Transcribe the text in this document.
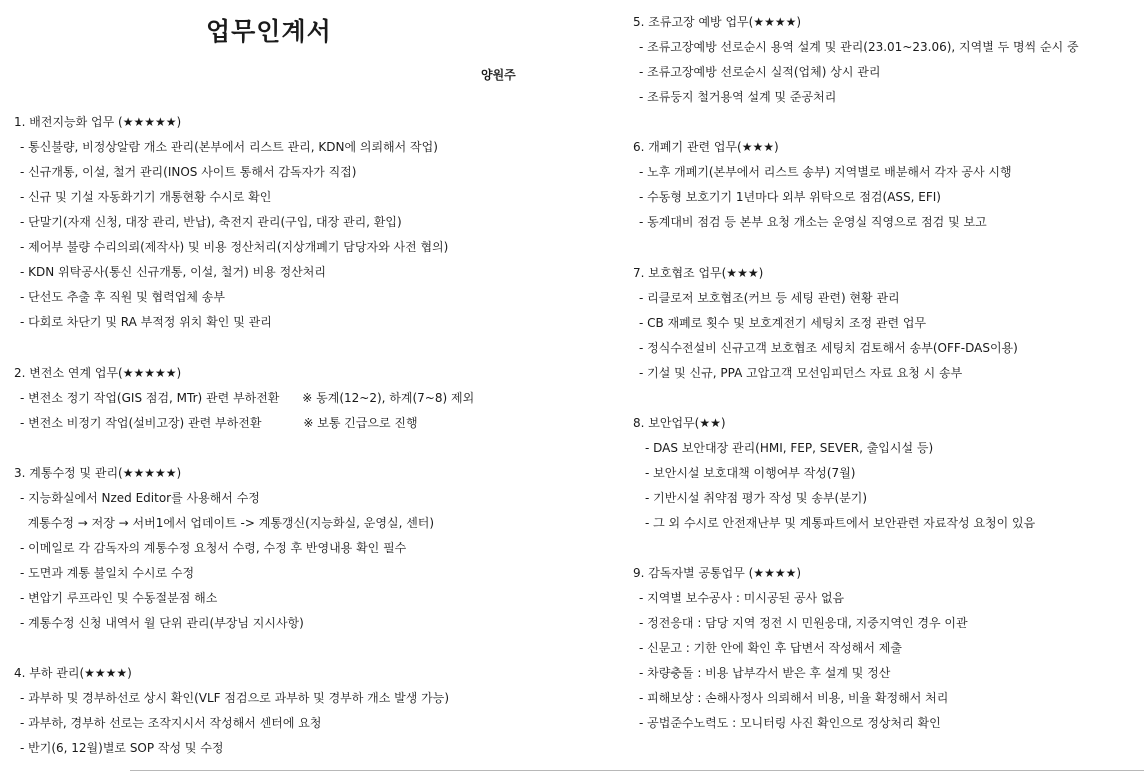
업무인계서
양원주
1. 배전지능화 업무 (★★★★★)
- 통신불량, 비정상알람 개소 관리(본부에서 리스트 관리, KDN에 의뢰해서 작업)
- 신규개통, 이설, 철거 관리(INOS 사이트 통해서 감독자가 직접)
- 신규 및 기설 자동화기기 개통현황 수시로 확인
- 단말기(자재 신청, 대장 관리, 반납), 축전지 관리(구입, 대장 관리, 환입)
- 제어부 불량 수리의뢰(제작사) 및 비용 정산처리(지상개폐기 담당자와 사전 협의)
- KDN 위탁공사(통신 신규개통, 이설, 철거) 비용 정산처리
- 단선도 추출 후 직원 및 협력업체 송부
- 다회로 차단기 및 RA 부적정 위치 확인 및 관리
2. 변전소 연계 업무(★★★★★)
- 변전소 정기 작업(GIS 점검, MTr) 관련 부하전환      ※ 동계(12~2), 하계(7~8) 제외
- 변전소 비정기 작업(설비고장) 관련 부하전환           ※ 보통 긴급으로 진행
3. 계통수정 및 관리(★★★★★)
- 지능화실에서 Nzed Editor를 사용해서 수정
계통수정 → 저장 → 서버1에서 업데이트 -> 계통갱신(지능화실, 운영실, 센터)
- 이메일로 각 감독자의 계통수정 요청서 수령, 수정 후 반영내용 확인 필수
- 도면과 계통 불일치 수시로 수정
- 변압기 루프라인 및 수동절분점 해소
- 계통수정 신청 내역서 월 단위 관리(부장님 지시사항)
4. 부하 관리(★★★★)
- 과부하 및 경부하선로 상시 확인(VLF 점검으로 과부하 및 경부하 개소 발생 가능)
- 과부하, 경부하 선로는 조작지시서 작성해서 센터에 요청
- 반기(6, 12월)별로 SOP 작성 및 수정
5. 조류고장 예방 업무(★★★★)
- 조류고장예방 선로순시 용역 설계 및 관리(23.01~23.06), 지역별 두 명씩 순시 중
- 조류고장예방 선로순시 실적(업체) 상시 관리
- 조류둥지 철거용역 설계 및 준공처리
6. 개폐기 관련 업무(★★★)
- 노후 개폐기(본부에서 리스트 송부) 지역별로 배분해서 각자 공사 시행
- 수동형 보호기기 1년마다 외부 위탁으로 점검(ASS, EFI)
- 동계대비 점검 등 본부 요청 개소는 운영실 직영으로 점검 및 보고
7. 보호협조 업무(★★★)
- 리클로저 보호협조(커브 등 세팅 관련) 현황 관리
- CB 재폐로 횟수 및 보호계전기 세팅치 조정 관련 업무
- 정식수전설비 신규고객 보호협조 세팅치 검토해서 송부(OFF-DAS이용)
- 기설 및 신규, PPA 고압고객 모선임피던스 자료 요청 시 송부
8. 보안업무(★★)
- DAS 보안대장 관리(HMI, FEP, SEVER, 출입시설 등)
- 보안시설 보호대책 이행여부 작성(7월)
- 기반시설 취약점 평가 작성 및 송부(분기)
- 그 외 수시로 안전재난부 및 계통파트에서 보안관련 자료작성 요청이 있음
9. 감독자별 공통업무 (★★★★)
- 지역별 보수공사 : 미시공된 공사 없음
- 정전응대 : 담당 지역 정전 시 민원응대, 지중지역인 경우 이관
- 신문고 : 기한 안에 확인 후 답변서 작성해서 제출
- 차량충돌 : 비용 납부각서 받은 후 설계 및 정산
- 피해보상 : 손해사정사 의뢰해서 비용, 비율 확정해서 처리
- 공법준수노력도 : 모니터링 사진 확인으로 정상처리 확인
